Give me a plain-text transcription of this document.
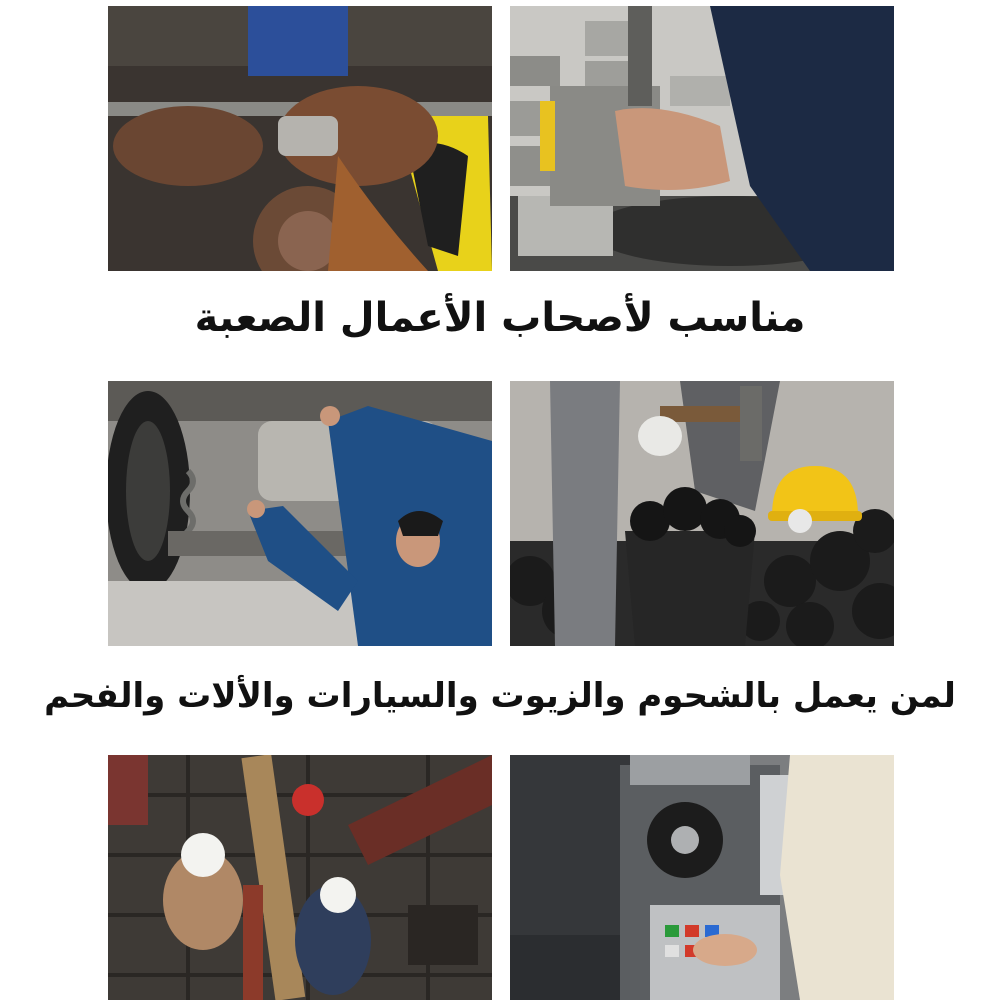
مناسب لأصحاب الأعمال الصعبة
لمن يعمل بالشحوم والزيوت والسيارات والألات والفحم
